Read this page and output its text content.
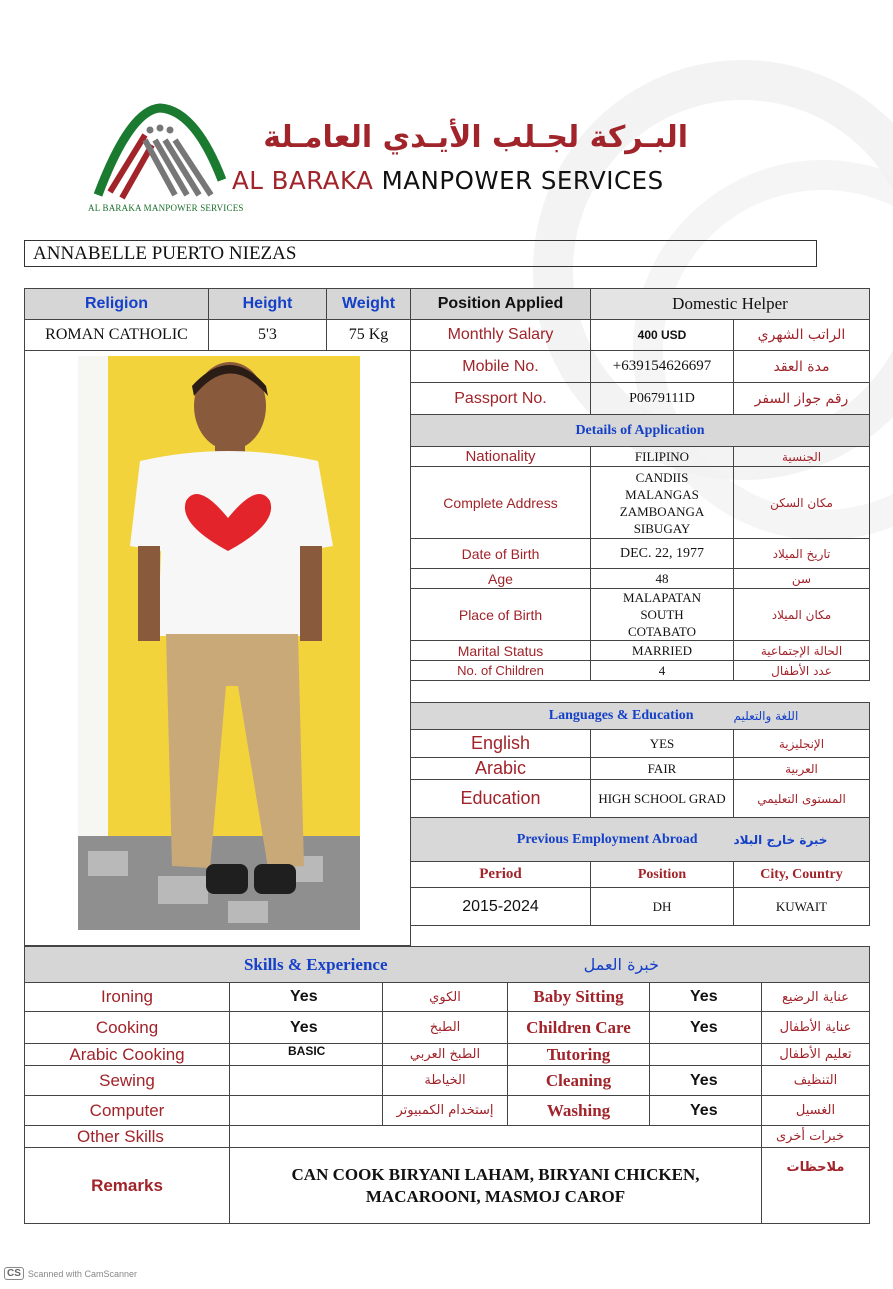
AL BARAKA MANPOWER SERVICES
البـركة لجـلب الأيـدي العامـلة
AL BARAKA MANPOWER SERVICES
ANNABELLE PUERTO NIEZAS
Religion	Height	Weight	Position Applied	Domestic Helper	
ROMAN CATHOLIC	5'3	75 Kg	Monthly Salary	400 USD	الراتب الشهري
Mobile No.	+639154626697	مدة العقد
Passport No.	P0679111D	رقم جواز السفر
Details of Application		
Nationality	FILIPINO	الجنسية
Complete Address	CANDIIS MALANGAS ZAMBOANGA SIBUGAY	مكان السكن
Date of Birth	DEC. 22, 1977	تاريخ الميلاد
Age	48	سن
Place of Birth	MALAPATAN SOUTH COTABATO	مكان الميلاد
Marital Status	MARRIED	الحالة الإجتماعية
No. of Children	4	عدد الأطفال
Languages & Education		اللغة والتعليم
English	YES	الإنجليزية
Arabic	FAIR	العربية
Education	HIGH SCHOOL GRAD	المستوى التعليمي
Previous Employment Abroad		خبرة خارج البلاد
Period	Position	City, Country
2015-2024	DH	KUWAIT
Skills & Experience			خبرة العمل		
Ironing	Yes	الكوي	Baby Sitting	Yes	عناية الرضيع
Cooking	Yes	الطبخ	Children Care	Yes	عناية الأطفال
Arabic Cooking	BASIC	الطبخ العربي	Tutoring		تعليم الأطفال
Sewing		الخياطة	Cleaning	Yes	التنظيف
Computer		إستخدام الكمبيوتر	Washing	Yes	الغسيل
Other Skills					خبرات أخرى
Remarks	CAN COOK BIRYANI LAHAM, BIRYANI CHICKEN, MACAROONI, MASMOJ CAROF				ملاحظات
CS Scanned with CamScanner
